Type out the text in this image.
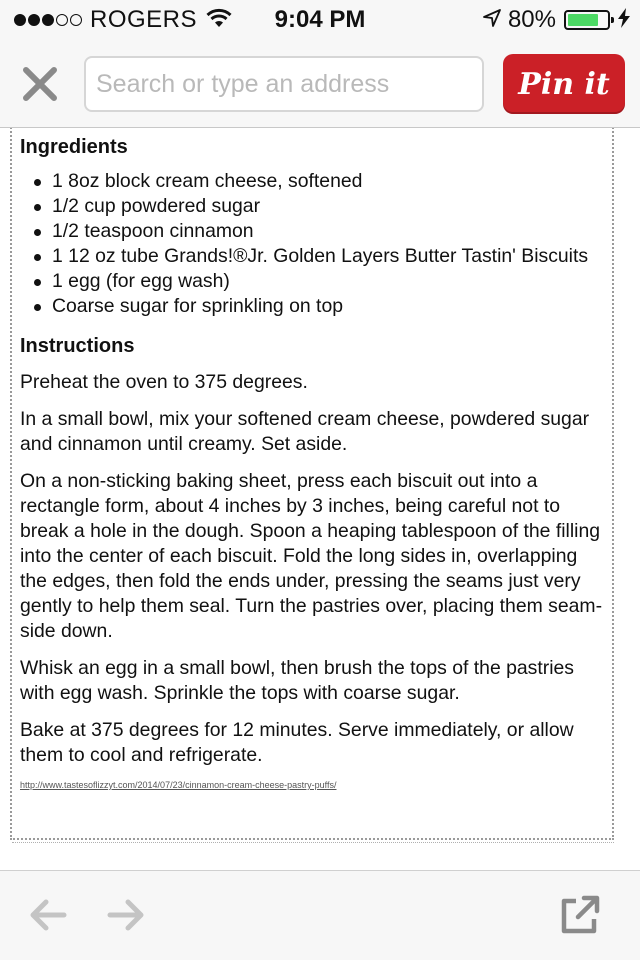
ROGERS	9:04 PM	80%
Search or type an address
Pin it
Ingredients
1 8oz block cream cheese, softened
1/2 cup powdered sugar
1/2 teaspoon cinnamon
1 12 oz tube Grands!®Jr. Golden Layers Butter Tastin' Biscuits
1 egg (for egg wash)
Coarse sugar for sprinkling on top
Instructions

Preheat the oven to 375 degrees.

In a small bowl, mix your softened cream cheese, powdered sugar and cinnamon until creamy. Set aside.

On a non-sticking baking sheet, press each biscuit out into a rectangle form, about 4 inches by 3 inches, being careful not to break a hole in the dough. Spoon a heaping tablespoon of the filling into the center of each biscuit. Fold the long sides in, overlapping the edges, then fold the ends under, pressing the seams just very gently to help them seal. Turn the pastries over, placing them seam-side down.

Whisk an egg in a small bowl, then brush the tops of the pastries with egg wash. Sprinkle the tops with coarse sugar.

Bake at 375 degrees for 12 minutes. Serve immediately, or allow them to cool and refrigerate.

http://www.tastesoflizzyt.com/2014/07/23/cinnamon-cream-cheese-pastry-puffs/
